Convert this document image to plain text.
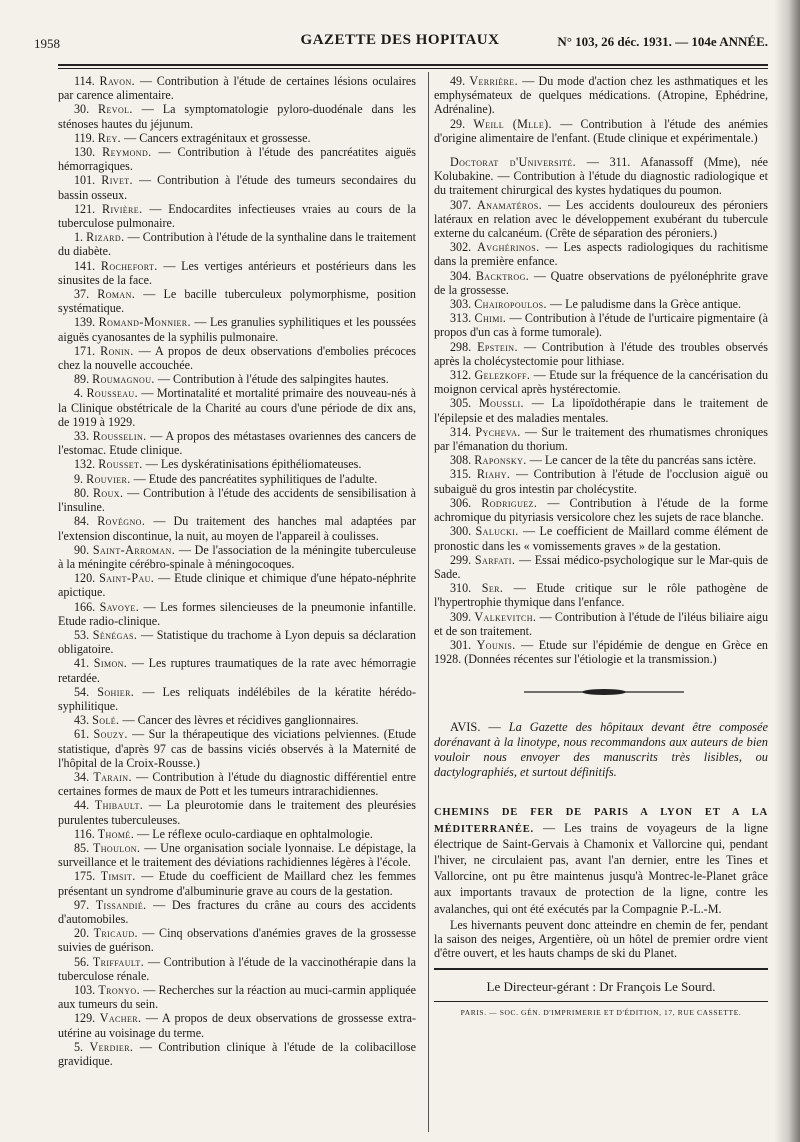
1958	GAZETTE DES HOPITAUX	N° 103, 26 déc. 1931. — 104e ANNÉE.

114. Ravon. — Contribution à l'étude de certaines lésions oculaires par carence alimentaire.

30. Revol. — La symptomatologie pyloro-duodénale dans les sténoses hautes du jéjunum.

119. Rey. — Cancers extragénitaux et grossesse.

130. Reymond. — Contribution à l'étude des pancréatites aiguës hémorragiques.

101. Rivet. — Contribution à l'étude des tumeurs secondaires du bassin osseux.

121. Rivière. — Endocardites infectieuses vraies au cours de la tuberculose pulmonaire.

1. Rizard. — Contribution à l'étude de la synthaline dans le traitement du diabète.

141. Rochefort. — Les vertiges antérieurs et postérieurs dans les sinusites de la face.

37. Roman. — Le bacille tuberculeux polymorphisme, position systématique.

139. Romand-Monnier. — Les granulies syphilitiques et les poussées aiguës cyanosantes de la syphilis pulmonaire.

171. Ronin. — A propos de deux observations d'embolies précoces chez la nouvelle accouchée.

89. Roumagnou. — Contribution à l'étude des salpingites hautes.

4. Rousseau. — Mortinatalité et mortalité primaire des nouveau-nés à la Clinique obstétricale de la Charité au cours d'une période de dix ans, de 1919 à 1929.

33. Rousselin. — A propos des métastases ovariennes des cancers de l'estomac. Etude clinique.

132. Rousset. — Les dyskératinisations épithéliomateuses.

9. Rouvier. — Etude des pancréatites syphilitiques de l'adulte.

80. Roux. — Contribution à l'étude des accidents de sensibilisation à l'insuline.

84. Rovégno. — Du traitement des hanches mal adaptées par l'extension discontinue, la nuit, au moyen de l'appareil à coulisses.

90. Saint-Arroman. — De l'association de la méningite tuberculeuse à la méningite cérébro-spinale à méningocoques.

120. Saint-Pau. — Etude clinique et chimique d'une hépato-néphrite apictique.

166. Savoye. — Les formes silencieuses de la pneumonie infantille. Etude radio-clinique.

53. Sénégas. — Statistique du trachome à Lyon depuis sa déclaration obligatoire.

41. Simon. — Les ruptures traumatiques de la rate avec hémorragie retardée.

54. Sohier. — Les reliquats indélébiles de la kératite hérédo-syphilitique.

43. Solé. — Cancer des lèvres et récidives ganglionnaires.

61. Souzy. — Sur la thérapeutique des viciations pelviennes. (Etude statistique, d'après 97 cas de bassins viciés observés à la Maternité de l'hôpital de la Croix-Rousse.)

34. Tarain. — Contribution à l'étude du diagnostic différentiel entre certaines formes de maux de Pott et les tumeurs intrarachidiennes.

44. Thibault. — La pleurotomie dans le traitement des pleurésies purulentes tuberculeuses.

116. Thomé. — Le réflexe oculo-cardiaque en ophtalmologie.

85. Thoulon. — Une organisation sociale lyonnaise. Le dépistage, la surveillance et le traitement des déviations rachidiennes légères à l'école.

175. Timsit. — Etude du coefficient de Maillard chez les femmes présentant un syndrome d'albuminurie grave au cours de la gestation.

97. Tissandié. — Des fractures du crâne au cours des accidents d'automobiles.

20. Tricaud. — Cinq observations d'anémies graves de la grossesse suivies de guérison.

56. Triffault. — Contribution à l'étude de la vaccinothérapie dans la tuberculose rénale.

103. Tronyo. — Recherches sur la réaction au muci-carmin appliquée aux tumeurs du sein.

129. Vacher. — A propos de deux observations de grossesse extra-utérine au voisinage du terme.

5. Verdier. — Contribution clinique à l'étude de la colibacillose gravidique.

49. Verrière. — Du mode d'action chez les asthmatiques et les emphysémateux de quelques médications. (Atropine, Ephédrine, Adrénaline).

29. Weill (Mlle). — Contribution à l'étude des anémies d'origine alimentaire de l'enfant. (Etude clinique et expérimentale.)

Doctorat d'Université. — 311. Afanassoff (Mme), née Kolubakine. — Contribution à l'étude du diagnostic radiologique et du traitement chirurgical des kystes hydatiques du poumon.

307. Anamatéros. — Les accidents douloureux des péroniers latéraux en relation avec le développement exubérant du tubercule externe du calcanéum. (Crête de séparation des péroniers.)

302. Avghérinos. — Les aspects radiologiques du rachitisme dans la première enfance.

304. Backtrog. — Quatre observations de pyélonéphrite grave de la grossesse.

303. Chairopoulos. — Le paludisme dans la Grèce antique.

313. Chimi. — Contribution à l'étude de l'urticaire pigmentaire (à propos d'un cas à forme tumorale).

298. Epstein. — Contribution à l'étude des troubles observés après la cholécystectomie pour lithiase.

312. Gelezkoff. — Etude sur la fréquence de la cancérisation du moignon cervical après hystérectomie.

305. Moussli. — La lipoïdothérapie dans le traitement de l'épilepsie et des maladies mentales.

314. Pycheva. — Sur le traitement des rhumatismes chroniques par l'émanation du thorium.

308. Raponsky. — Le cancer de la tête du pancréas sans ictère.

315. Riahy. — Contribution à l'étude de l'occlusion aiguë ou subaiguë du gros intestin par cholécystite.

306. Rodriguez. — Contribution à l'étude de la forme achromique du pityriasis versicolore chez les sujets de race blanche.

300. Salucki. — Le coefficient de Maillard comme élément de pronostic dans les « vomissements graves » de la gestation.

299. Sarfati. — Essai médico-psychologique sur le Mar-quis de Sade.

310. Ser. — Etude critique sur le rôle pathogène de l'hypertrophie thymique dans l'enfance.

309. Valkevitch. — Contribution à l'étude de l'iléus biliaire aigu et de son traitement.

301. Younis. — Etude sur l'épidémie de dengue en Grèce en 1928. (Données récentes sur l'étiologie et la transmission.)

AVIS. — La Gazette des hôpitaux devant être composée dorénavant à la linotype, nous recommandons aux auteurs de bien vouloir nous envoyer des manuscrits très lisibles, ou dactylographiés, et surtout définitifs.

CHEMINS DE FER DE PARIS A LYON ET A LA MÉDITERRANÉE. — Les trains de voyageurs de la ligne électrique de Saint-Gervais à Chamonix et Vallorcine qui, pendant l'hiver, ne circulaient pas, avant l'an dernier, entre les Tines et Vallorcine, ont pu être maintenus jusqu'à Montrec-le-Planet grâce aux importants travaux de protection de la ligne, contre les avalanches, qui ont été exécutés par la Compagnie P.-L.-M.

Les hivernants peuvent donc atteindre en chemin de fer, pendant la saison des neiges, Argentière, où un hôtel de premier ordre vient d'être ouvert, et les hauts champs de ski du Planet.

Le Directeur-gérant : Dr François Le Sourd.
PARIS. — SOC. GÉN. D'IMPRIMERIE ET D'ÉDITION, 17, RUE CASSETTE.
